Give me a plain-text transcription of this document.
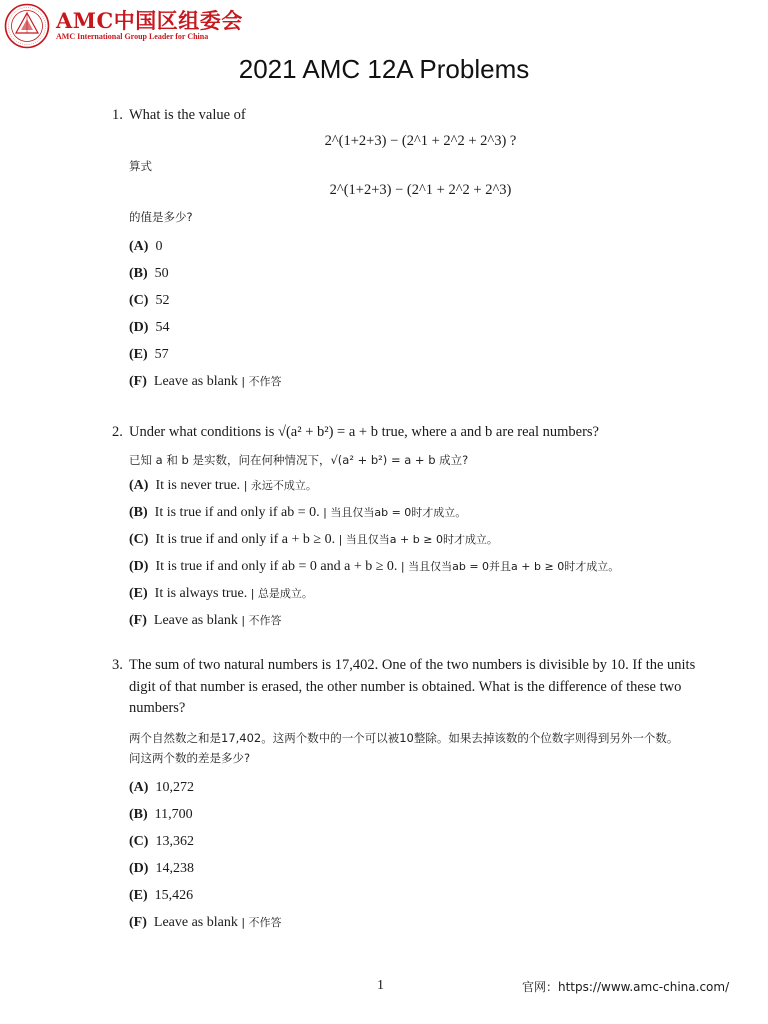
AMC中国区组委会
AMC International Group Leader for China
2021 AMC 12A Problems
1. What is the value of
2^(1+2+3) − (2^1 + 2^2 + 2^3) ?
算式
2^(1+2+3) − (2^1 + 2^2 + 2^3)
的值是多少?
(A) 0
(B) 50
(C) 52
(D) 54
(E) 57
(F) Leave as blank | 不作答
2. Under what conditions is √(a² + b²) = a + b true, where a and b are real numbers?
已知 a 和 b 是实数，问在何种情况下，√(a² + b²) = a + b 成立?
(A) It is never true. | 永远不成立。
(B) It is true if and only if ab = 0. | 当且仅当ab = 0时才成立。
(C) It is true if and only if a + b ≥ 0. | 当且仅当a + b ≥ 0时才成立。
(D) It is true if and only if ab = 0 and a + b ≥ 0. | 当且仅当ab = 0并且a + b ≥ 0时才成立。
(E) It is always true. | 总是成立。
(F) Leave as blank | 不作答
3. The sum of two natural numbers is 17,402. One of the two numbers is divisible by 10. If the units digit of that number is erased, the other number is obtained. What is the difference of these two numbers?
两个自然数之和是17,402。这两个数中的一个可以被10整除。如果去掉该数的个位数字则得到另外一个数。问这两个数的差是多少?
(A) 10,272
(B) 11,700
(C) 13,362
(D) 14,238
(E) 15,426
(F) Leave as blank | 不作答
1	官网：https://www.amc-china.com/
